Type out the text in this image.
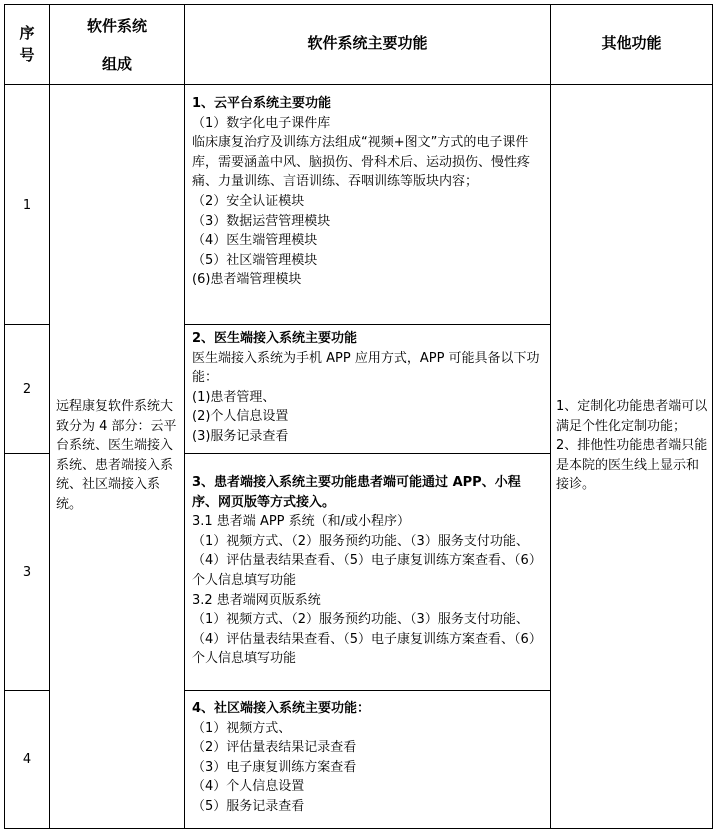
序
号
软件系统
组成
软件系统主要功能	其他功能
1
2
3
4
远程康复软件系统大致分为 4 部分：云平台系统、医生端接入系统、患者端接入系统、社区端接入系统。
1、云平台系统主要功能
（1）数字化电子课件库
临床康复治疗及训练方法组成“视频+图文”方式的电子课件库，需要涵盖中风、脑损伤、骨科术后、运动损伤、慢性疼痛、力量训练、言语训练、吞咽训练等版块内容；
（2）安全认证模块
（3）数据运营管理模块
（4）医生端管理模块
（5）社区端管理模块
(6)患者端管理模块
2、医生端接入系统主要功能
医生端接入系统为手机 APP 应用方式，APP 可能具备以下功能：
(1)患者管理、
(2)个人信息设置
(3)服务记录查看
3、患者端接入系统主要功能患者端可能通过 APP、小程序、网页版等方式接入。
3.1 患者端 APP 系统（和/或小程序）
（1）视频方式、（2）服务预约功能、（3）服务支付功能、（4）评估量表结果查看、（5）电子康复训练方案查看、（6）个人信息填写功能
3.2 患者端网页版系统
（1）视频方式、（2）服务预约功能、（3）服务支付功能、（4）评估量表结果查看、（5）电子康复训练方案查看、（6）个人信息填写功能
4、社区端接入系统主要功能：
（1）视频方式、
（2）评估量表结果记录查看
（3）电子康复训练方案查看
（4）个人信息设置
（5）服务记录查看
1、定制化功能患者端可以满足个性化定制功能；
2、排他性功能患者端只能是本院的医生线上显示和接诊。
